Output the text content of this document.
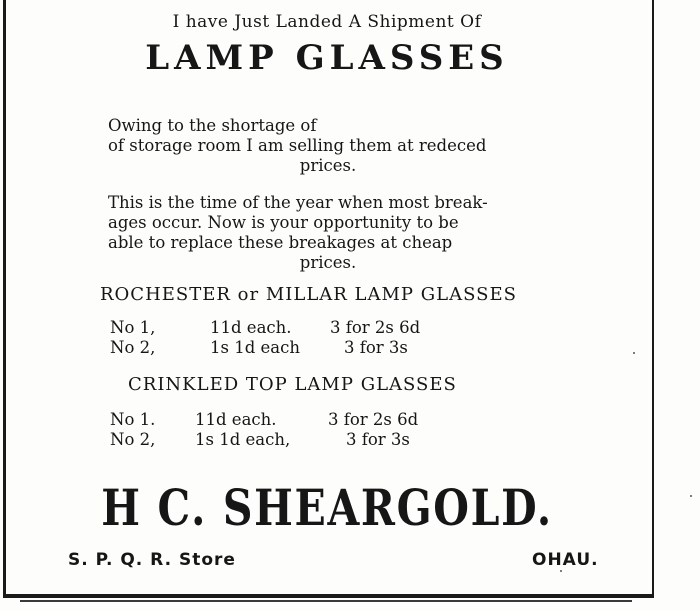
I have Just Landed A Shipment Of
LAMP GLASSES
Owing to the shortage of
of storage room I am selling them at redeced
prices.
This is the time of the year when most break-
ages occur. Now is your opportunity to be
able to replace these breakages at cheap
prices.
ROCHESTER or MILLAR LAMP GLASSES
No 1,	11d each. 3 for 2s 6d
No 2,	1s 1d each	3 for 3s
CRINKLED TOP LAMP GLASSES
No 1. 11d each.	3 for 2s 6d
No 2, 1s 1d each,	3 for 3s
H C. SHEARGOLD.
S. P. Q. R. Store	OHAU.
